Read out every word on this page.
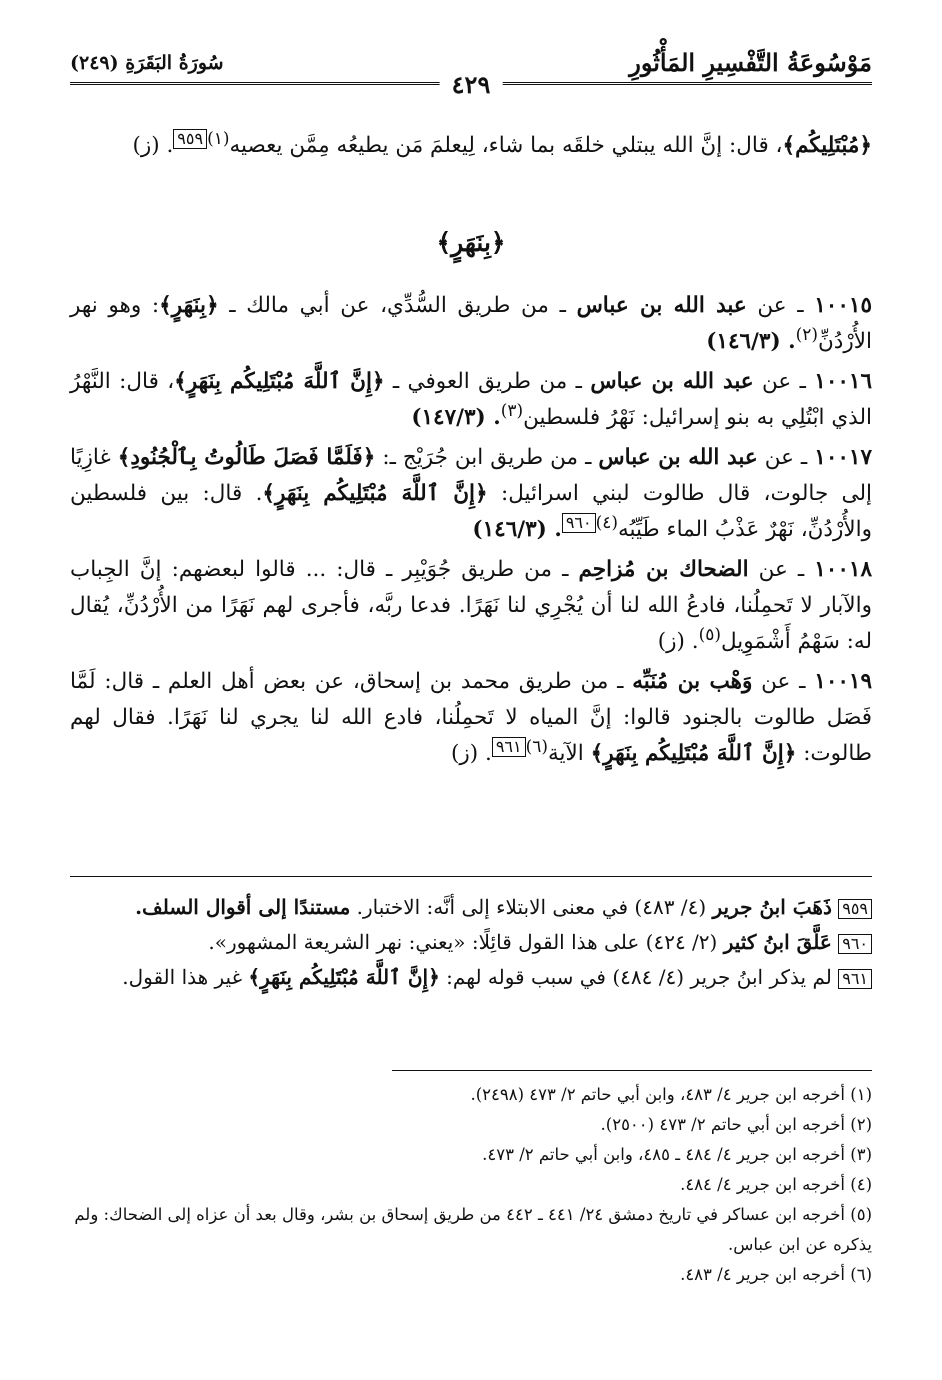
مَوْسُوعَةُ التَّفْسِيرِ المَأْثُورِ
سُورَةُ البَقَرَةِ (٢٤٩)
٤٢٩
﴿مُبْتَلِيكُم﴾، قال: إنَّ الله يبتلي خلقَه بما شاء، لِيعلمَ مَن يطيعُه مِمَّن يعصيه$^{(١)}$٩٥٩. (ز)
﴿بِنَهَرٍ﴾

١٠٠١٥ ـ عن عبد الله بن عباس ـ من طريق السُّدِّي، عن أبي مالك ـ ﴿بِنَهَرٍ﴾: وهو نهر الأُرْدُنِّ$^{(٢)}$. (١٤٦/٣)

١٠٠١٦ ـ عن عبد الله بن عباس ـ من طريق العوفي ـ ﴿إِنَّ ٱللَّهَ مُبْتَلِيكُم بِنَهَرٍ﴾، قال: النَّهْرُ الذي ابْتُلِي به بنو إسرائيل: نَهْرُ فلسطين$^{(٣)}$. (١٤٧/٣)

١٠٠١٧ ـ عن عبد الله بن عباس ـ من طريق ابن جُرَيْج ـ: ﴿فَلَمَّا فَصَلَ طَالُوتُ بِٱلْجُنُودِ﴾ غازِيًا إلى جالوت، قال طالوت لبني اسرائيل: ﴿إِنَّ ٱللَّهَ مُبْتَلِيكُم بِنَهَرٍ﴾. قال: بين فلسطين والأُرْدُنِّ، نَهْرٌ عَذْبُ الماء طَيِّبُه$^{(٤)}$٩٦٠. (١٤٦/٣)

١٠٠١٨ ـ عن الضحاك بن مُزاحِم ـ من طريق جُوَيْبِر ـ قال: ... قالوا لبعضهم: إنَّ الجِباب والآبار لا تَحمِلُنا، فادعُ الله لنا أن يُجْرِي لنا نَهَرًا. فدعا ربَّه، فأجرى لهم نَهَرًا من الأُرْدُنِّ، يُقال له: سَهْمُ أَشْمَوِيل$^{(٥)}$. (ز)

١٠٠١٩ ـ عن وَهْب بن مُنَبِّه ـ من طريق محمد بن إسحاق، عن بعض أهل العلم ـ قال: لَمَّا فَصَل طالوت بالجنود قالوا: إنَّ المياه لا تَحمِلُنا، فادع الله لنا يجري لنا نَهَرًا. فقال لهم طالوت: ﴿إِنَّ ٱللَّهَ مُبْتَلِيكُم بِنَهَرٍ﴾ الآية$^{(٦)}$٩٦١. (ز)

٩٥٩ ذَهَبَ ابنُ جرير (٤/ ٤٨٣) في معنى الابتلاء إلى أنَّه: الاختبار. مستندًا إلى أقوال السلف.

٩٦٠ عَلَّقَ ابنُ كثير (٢/ ٤٢٤) على هذا القول قائِلًا: «يعني: نهر الشريعة المشهور».

٩٦١ لم يذكر ابنُ جرير (٤/ ٤٨٤) في سبب قوله لهم: ﴿إِنَّ ٱللَّهَ مُبْتَلِيكُم بِنَهَرٍ﴾ غير هذا القول.

(١) أخرجه ابن جرير ٤/ ٤٨٣، وابن أبي حاتم ٢/ ٤٧٣ (٢٤٩٨).

(٢) أخرجه ابن أبي حاتم ٢/ ٤٧٣ (٢٥٠٠).

(٣) أخرجه ابن جرير ٤/ ٤٨٤ ـ ٤٨٥، وابن أبي حاتم ٢/ ٤٧٣.

(٤) أخرجه ابن جرير ٤/ ٤٨٤.

(٥) أخرجه ابن عساكر في تاريخ دمشق ٢٤/ ٤٤١ ـ ٤٤٢ من طريق إسحاق بن بشر، وقال بعد أن عزاه إلى الضحاك: ولم يذكره عن ابن عباس.

(٦) أخرجه ابن جرير ٤/ ٤٨٣.
